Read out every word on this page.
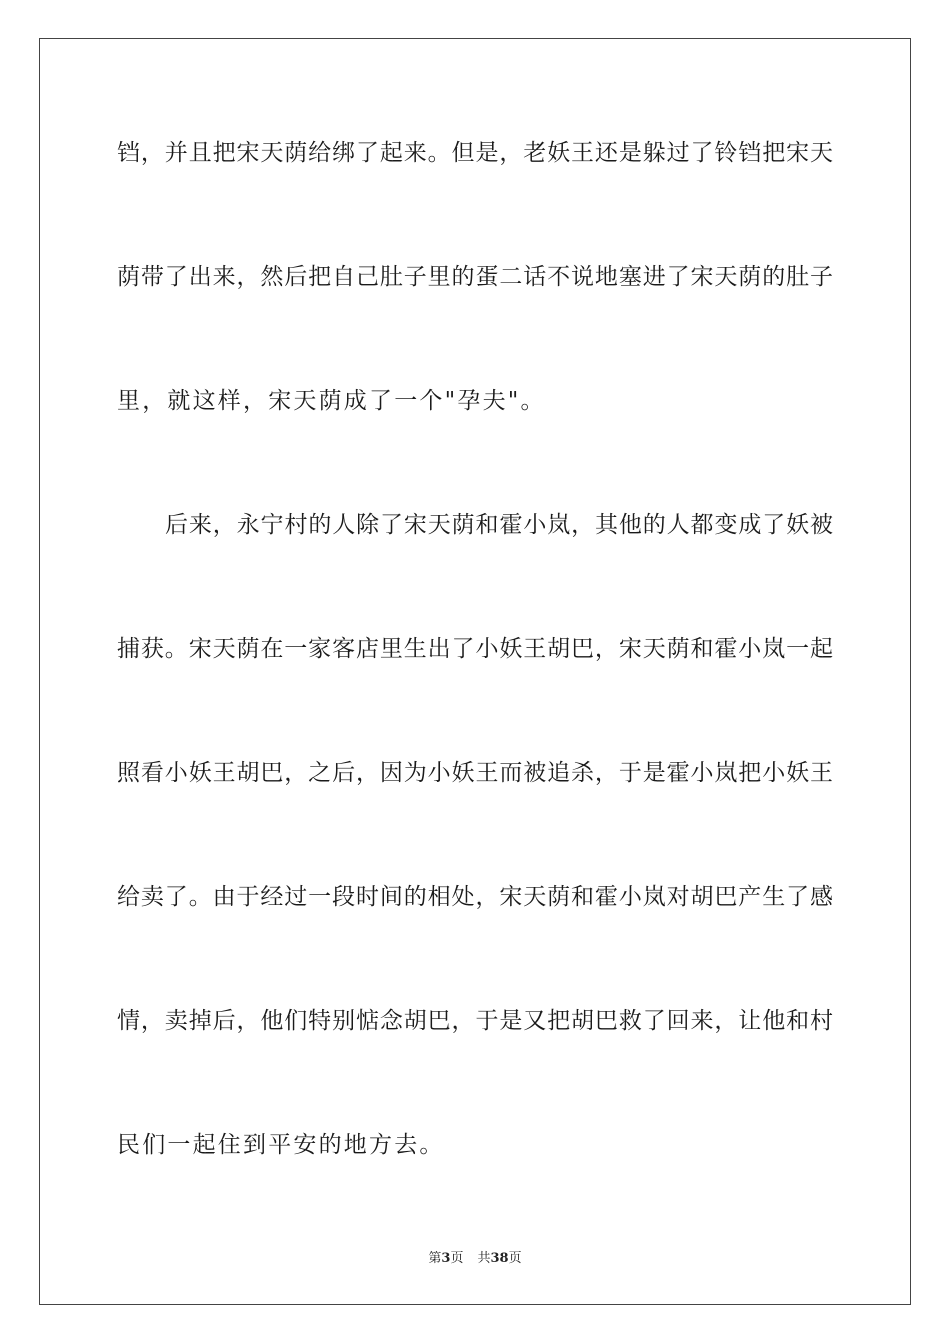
铛，并且把宋天荫给绑了起来。但是，老妖王还是躲过了铃铛把宋天
荫带了出来，然后把自己肚子里的蛋二话不说地塞进了宋天荫的肚子
里，就这样，宋天荫成了一个"孕夫"。
后来，永宁村的人除了宋天荫和霍小岚，其他的人都变成了妖被
捕获。宋天荫在一家客店里生出了小妖王胡巴，宋天荫和霍小岚一起
照看小妖王胡巴，之后，因为小妖王而被追杀，于是霍小岚把小妖王
给卖了。由于经过一段时间的相处，宋天荫和霍小岚对胡巴产生了感
情，卖掉后，他们特别惦念胡巴，于是又把胡巴救了回来，让他和村
民们一起住到平安的地方去。
第3页 共38页
